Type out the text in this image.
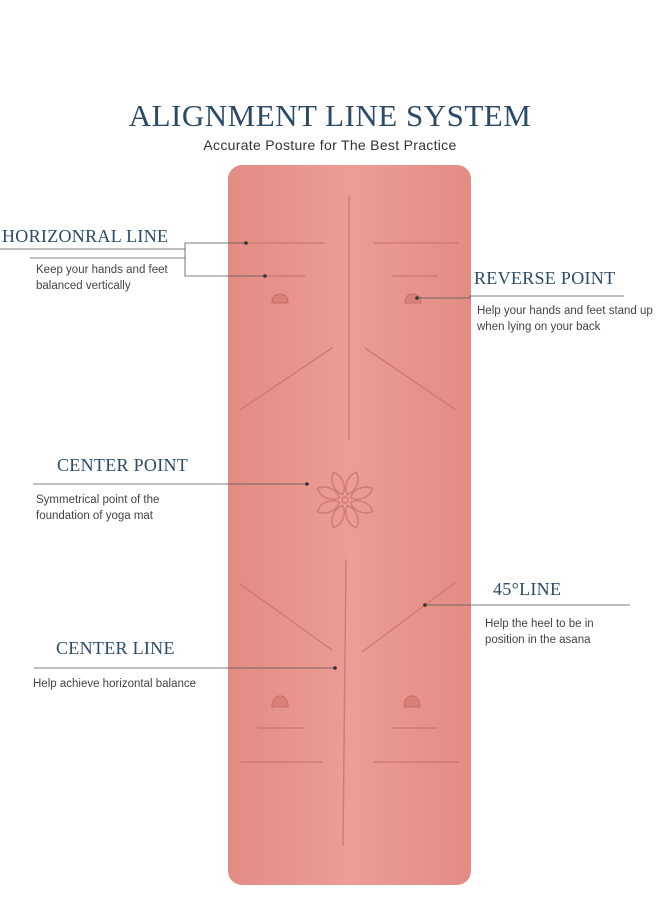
ALIGNMENT LINE SYSTEM
Accurate Posture for The Best Practice
HORIZONRAL LINE
Keep your hands and feet balanced vertically	REVERSE POINT
Help your hands and feet stand up when lying on your back
CENTER POINT
Symmetrical point of the foundation of yoga mat
45°LINE
Help the heel to be in position in the asana
CENTER LINE
Help achieve horizontal balance
